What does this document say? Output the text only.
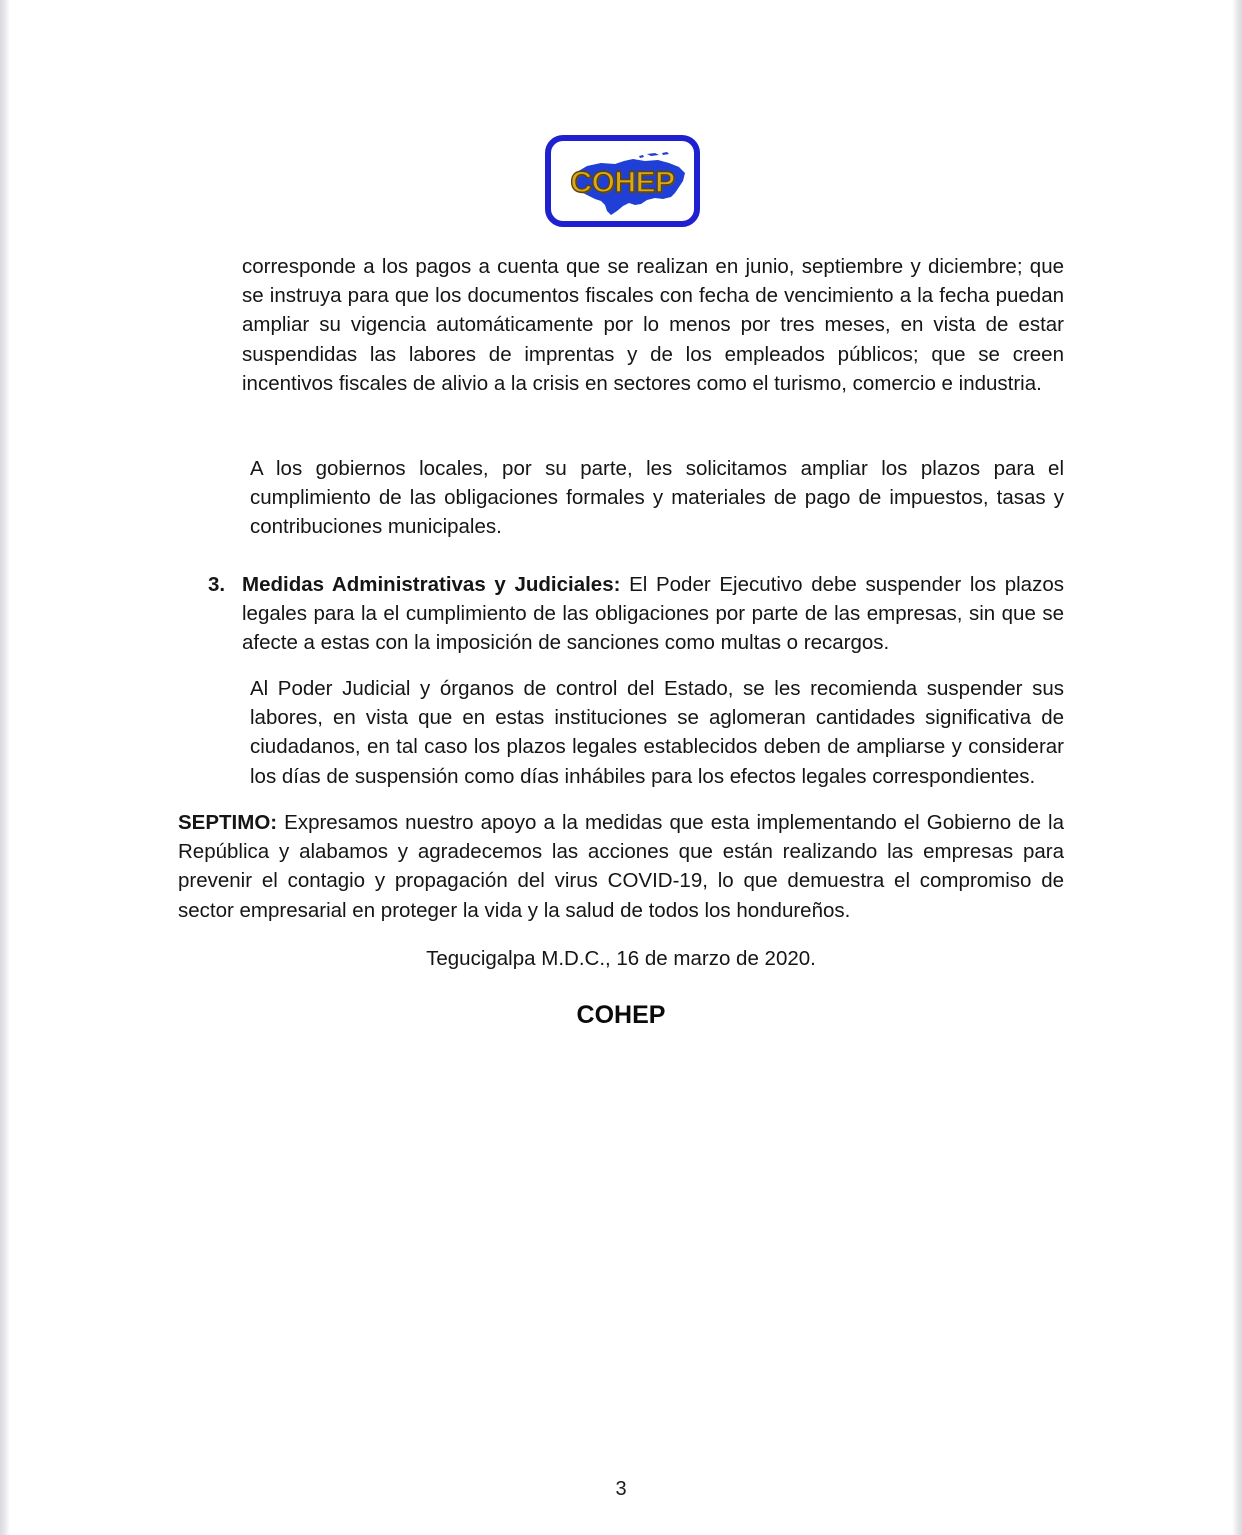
COHEP
corresponde a los pagos a cuenta que se realizan en junio, septiembre y diciembre; que se instruya para que los documentos fiscales con fecha de vencimiento a la fecha puedan ampliar su vigencia automáticamente por lo menos por tres meses, en vista de estar suspendidas las labores de imprentas y de los empleados públicos; que se creen incentivos fiscales de alivio a la crisis en sectores como el turismo, comercio e industria.
A los gobiernos locales, por su parte, les solicitamos ampliar los plazos para el cumplimiento de las obligaciones formales y materiales de pago de impuestos, tasas y contribuciones municipales.
3. Medidas Administrativas y Judiciales: El Poder Ejecutivo debe suspender los plazos legales para la el cumplimiento de las obligaciones por parte de las empresas, sin que se afecte a estas con la imposición de sanciones como multas o recargos.
Al Poder Judicial y órganos de control del Estado, se les recomienda suspender sus labores, en vista que en estas instituciones se aglomeran cantidades significativa de ciudadanos, en tal caso los plazos legales establecidos deben de ampliarse y considerar los días de suspensión como días inhábiles para los efectos legales correspondientes.
SEPTIMO: Expresamos nuestro apoyo a la medidas que esta implementando el Gobierno de la República y alabamos y agradecemos las acciones que están realizando las empresas para prevenir el contagio y propagación del virus COVID-19, lo que demuestra el compromiso de sector empresarial en proteger la vida y la salud de todos los hondureños.
Tegucigalpa M.D.C., 16 de marzo de 2020.
COHEP
3
